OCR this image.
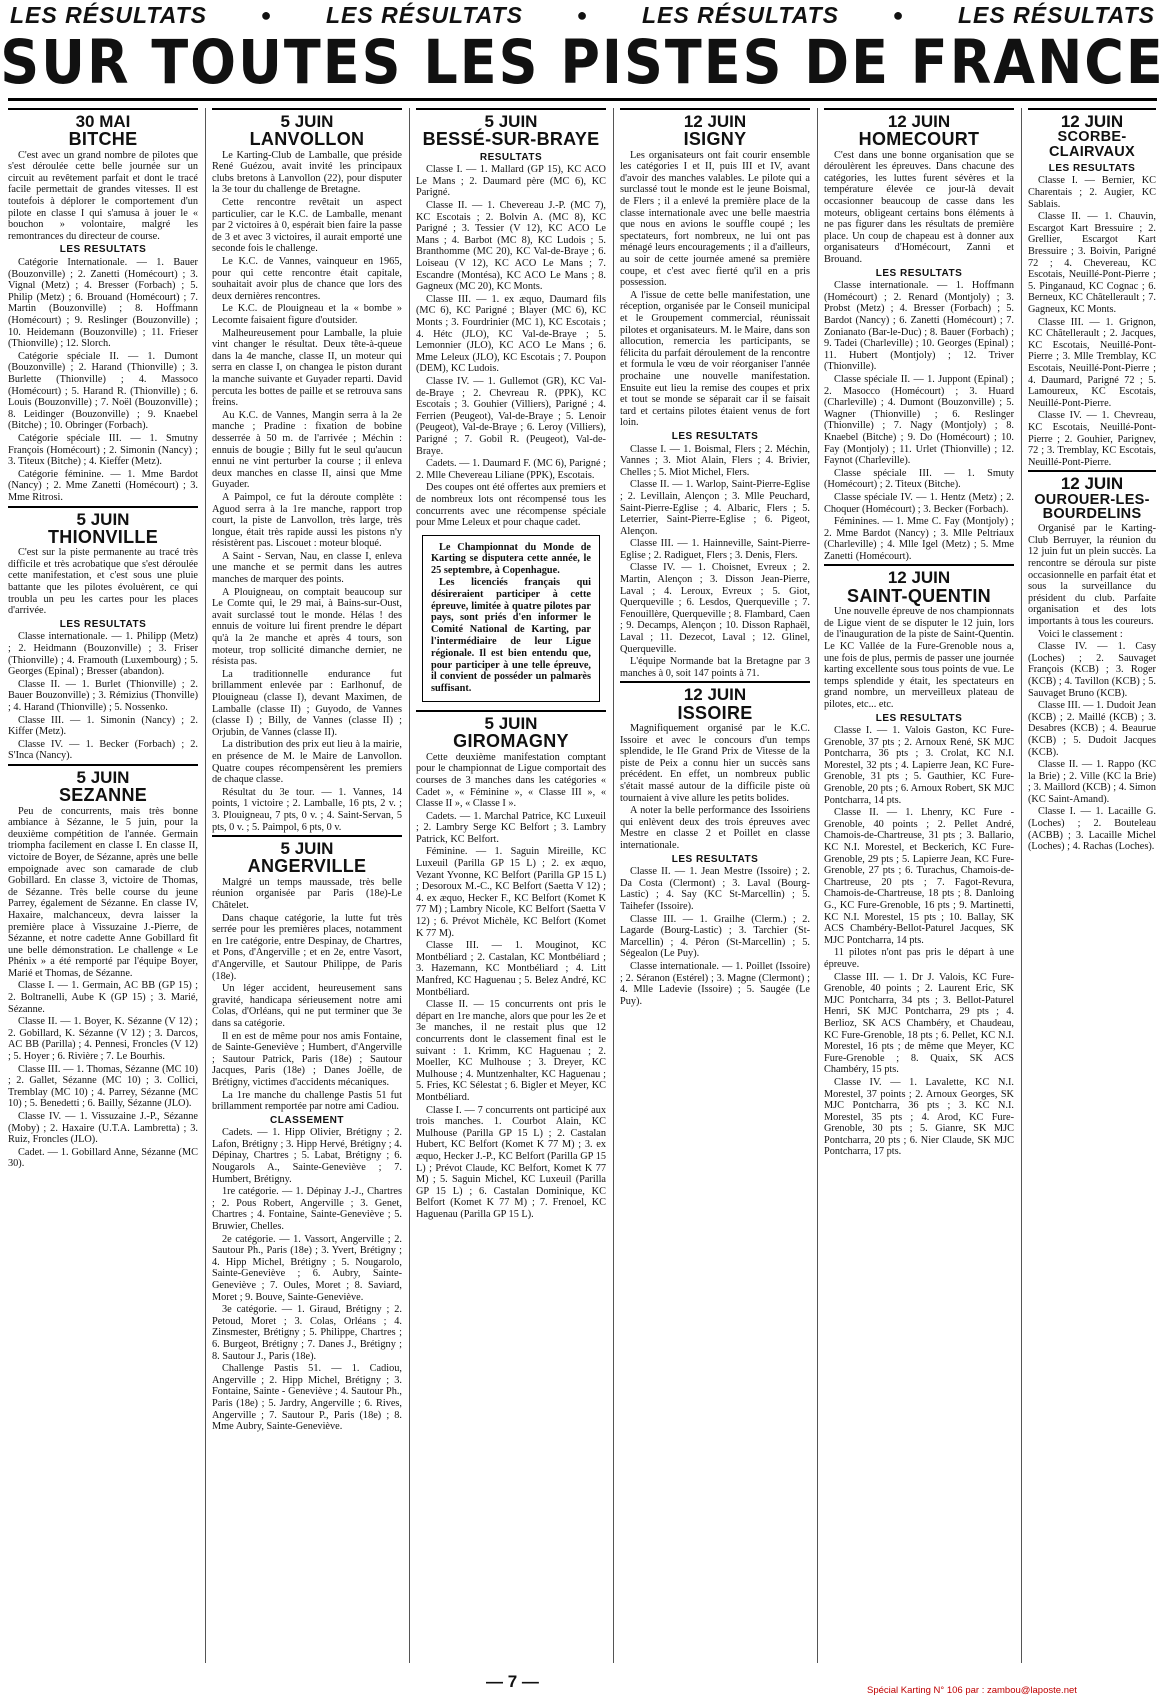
LES RÉSULTATS	● LES RÉSULTATS	● LES RÉSULTATS	● LES RÉSULTATS
SUR TOUTES LES PISTES DE FRANCE
30 MAI
BITCHE

C'est avec un grand nombre de pilotes que s'est déroulée cette belle journée sur un circuit au revêtement parfait et dont le tracé facile permettait de grandes vitesses. Il est toutefois à déplorer le comportement d'un pilote en classe I qui s'amusa à jouer le « bouchon » volontaire, malgré les remontrances du directeur de course.

LES RESULTATS

Catégorie Internationale. — 1. Bauer (Bouzonville) ; 2. Zanetti (Homécourt) ; 3. Vignal (Metz) ; 4. Bresser (Forbach) ; 5. Philip (Metz) ; 6. Brouand (Homécourt) ; 7. Martin (Bouzonville) ; 8. Hoffmann (Homécourt) ; 9. Reslinger (Bouzonville) ; 10. Heidemann (Bouzonville) ; 11. Frieser (Thionville) ; 12. Slorch.

Catégorie spéciale II. — 1. Dumont (Bouzonville) ; 2. Harand (Thionville) ; 3. Burlette (Thionville) ; 4. Massoco (Homécourt) ; 5. Harand R. (Thionville) ; 6. Louis (Bouzonville) ; 7. Noël (Bouzonville) ; 8. Leidinger (Bouzonville) ; 9. Knaebel (Bitche) ; 10. Obringer (Forbach).

Catégorie spéciale III. — 1. Smutny François (Homécourt) ; 2. Simonin (Nancy) ; 3. Titeux (Bitche) ; 4. Kieffer (Metz).

Catégorie féminine. — 1. Mme Bardot (Nancy) ; 2. Mme Zanetti (Homécourt) ; 3. Mme Ritrosi.

5 JUIN
THIONVILLE

C'est sur la piste permanente au tracé très difficile et très acrobatique que s'est déroulée cette manifestation, et c'est sous une pluie battante que les pilotes évoluèrent, ce qui troubla un peu les cartes pour les places d'arrivée.

LES RESULTATS

Classe internationale. — 1. Philipp (Metz) ; 2. Heidmann (Bouzonville) ; 3. Friser (Thionville) ; 4. Framouth (Luxembourg) ; 5. Georges (Epinal) ; Bresser (abandon).

Classe II. — 1. Burlet (Thionville) ; 2. Bauer Bouzonville) ; 3. Rémizius (Thonville) ; 4. Harand (Thionville) ; 5. Nossenko.

Classe III. — 1. Simonin (Nancy) ; 2. Kiffer (Metz).

Classe IV. — 1. Becker (Forbach) ; 2. S'Inca (Nancy).

5 JUIN
SEZANNE

Peu de concurrents, mais très bonne ambiance à Sézanne, le 5 juin, pour la deuxième compétition de l'année. Germain triompha facilement en classe I. En classe II, victoire de Boyer, de Sézanne, après une belle empoignade avec son camarade de club Gobillard. En classe 3, victoire de Thomas, de Sézanne. Très belle course du jeune Parrey, également de Sézanne. En classe IV, Haxaire, malchanceux, devra laisser la première place à Vissuzaine J.-Pierre, de Sézanne, et notre cadette Anne Gobillard fit une belle démonstration. Le challenge « Le Phénix » a été remporté par l'équipe Boyer, Marié et Thomas, de Sézanne.

Classe I. — 1. Germain, AC BB (GP 15) ; 2. Boltranelli, Aube K (GP 15) ; 3. Marié, Sézanne.

Classe II. — 1. Boyer, K. Sézanne (V 12) ; 2. Gobillard, K. Sézanne (V 12) ; 3. Darcos, AC BB (Parilla) ; 4. Pennesi, Froncles (V 12) ; 5. Hoyer ; 6. Rivière ; 7. Le Bourhis.

Classe III. — 1. Thomas, Sézanne (MC 10) ; 2. Gallet, Sézanne (MC 10) ; 3. Collici, Tremblay (MC 10) ; 4. Parrey, Sézanne (MC 10) ; 5. Benedetti ; 6. Bailly, Sézanne (JLO).

Classe IV. — 1. Vissuzaine J.-P., Sézanne (Moby) ; 2. Haxaire (U.T.A. Lambretta) ; 3. Ruiz, Froncles (JLO).

Cadet. — 1. Gobillard Anne, Sézanne (MC 30).

5 JUIN
LANVOLLON

Le Karting-Club de Lamballe, que préside René Guézou, avait invité les principaux clubs bretons à Lanvollon (22), pour disputer la 3e tour du challenge de Bretagne.

Cette rencontre revêtait un aspect particulier, car le K.C. de Lamballe, menant par 2 victoires à 0, espérait bien faire la passe de 3 et avec 3 victoires, il aurait emporté une seconde fois le challenge.

Le K.C. de Vannes, vainqueur en 1965, pour qui cette rencontre était capitale, souhaitait avoir plus de chance que lors des deux dernières rencontres.

Le K.C. de Plouigneau et la « bombe » Lecomte faisaient figure d'outsider.

Malheureusement pour Lamballe, la pluie vint changer le résultat. Deux tête-à-queue dans la 4e manche, classe II, un moteur qui serra en classe I, on changea le piston durant la manche suivante et Guyader reparti. David percuta les bottes de paille et se retrouva sans freins.

Au K.C. de Vannes, Mangin serra à la 2e manche ; Pradine : fixation de bobine desserrée à 50 m. de l'arrivée ; Méchin : ennuis de bougie ; Billy fut le seul qu'aucun ennui ne vint perturber la course ; il enleva deux manches en classe II, ainsi que Mme Guyader.

A Paimpol, ce fut la déroute complète : Aguod serra à la 1re manche, rapport trop court, la piste de Lanvollon, très large, très longue, était très rapide aussi les pistons n'y résistèrent pas. Liscouet : moteur bloqué.

A Saint - Servan, Nau, en classe I, enleva une manche et se permit dans les autres manches de marquer des points.

A Plouigneau, on comptait beaucoup sur Le Comte qui, le 29 mai, à Bains-sur-Oust, avait surclassé tout le monde. Hélas ! des ennuis de voiture lui firent prendre le départ qu'à la 2e manche et après 4 tours, son moteur, trop sollicité dimanche dernier, ne résista pas.

La traditionnelle endurance fut brillamment enlevée par : Earlhonuf, de Plouigneau (classe I), devant Maximen, de Lamballe (classe II) ; Guyodo, de Vannes (classe I) ; Billy, de Vannes (classe II) ; Orjubin, de Vannes (classe II).

La distribution des prix eut lieu à la mairie, en présence de M. le Maire de Lanvollon. Quatre coupes récompensèrent les premiers de chaque classe.

Résultat du 3e tour. — 1. Vannes, 14 points, 1 victoire ; 2. Lamballe, 16 pts, 2 v. ; 3. Plouigneau, 7 pts, 0 v. ; 4. Saint-Servan, 5 pts, 0 v. ; 5. Paimpol, 6 pts, 0 v.

5 JUIN
ANGERVILLE

Malgré un temps maussade, très belle réunion organisée par Paris (18e)-Le Châtelet.

Dans chaque catégorie, la lutte fut très serrée pour les premières places, notamment en 1re catégorie, entre Despinay, de Chartres, et Pons, d'Angerville ; et en 2e, entre Vasort, d'Angerville, et Sautour Philippe, de Paris (18e).

Un léger accident, heureusement sans gravité, handicapa sérieusement notre ami Colas, d'Orléans, qui ne put terminer que 3e dans sa catégorie.

Il en est de même pour nos amis Fontaine, de Sainte-Geneviève ; Humbert, d'Angerville ; Sautour Patrick, Paris (18e) ; Sautour Jacques, Paris (18e) ; Danes Joëlle, de Brétigny, victimes d'accidents mécaniques.

La 1re manche du challenge Pastis 51 fut brillamment remportée par notre ami Cadiou.

CLASSEMENT

Cadets. — 1. Hipp Olivier, Brétigny ; 2. Lafon, Brétigny ; 3. Hipp Hervé, Brétigny ; 4. Dépinay, Chartres ; 5. Labat, Brétigny ; 6. Nougarols A., Sainte-Geneviève ; 7. Humbert, Brétigny.

1re catégorie. — 1. Dépinay J.-J., Chartres ; 2. Pous Robert, Angerville ; 3. Genet, Chartres ; 4. Fontaine, Sainte-Geneviève ; 5. Bruwier, Chelles.

2e catégorie. — 1. Vassort, Angerville ; 2. Sautour Ph., Paris (18e) ; 3. Yvert, Brétigny ; 4. Hipp Michel, Brétigny ; 5. Nougarolo, Sainte-Geneviève ; 6. Aubry, Sainte-Geneviève ; 7. Oules, Moret ; 8. Saviard, Moret ; 9. Bouve, Sainte-Geneviève.

3e catégorie. — 1. Giraud, Brétigny ; 2. Petoud, Moret ; 3. Colas, Orléans ; 4. Zinsmester, Brétigny ; 5. Philippe, Chartres ; 6. Burgeot, Brétigny ; 7. Danes J., Brétigny ; 8. Sautour J., Paris (18e).

Challenge Pastis 51. — 1. Cadiou, Angerville ; 2. Hipp Michel, Brétigny ; 3. Fontaine, Sainte - Geneviève ; 4. Sautour Ph., Paris (18e) ; 5. Jardry, Angerville ; 6. Rives, Angerville ; 7. Sautour P., Paris (18e) ; 8. Mme Aubry, Sainte-Geneviève.

5 JUIN
BESSÉ-SUR-BRAYE
RESULTATS

Classe I. — 1. Mallard (GP 15), KC ACO Le Mans ; 2. Daumard père (MC 6), KC Parigné.

Classe II. — 1. Chevereau J.-P. (MC 7), KC Escotais ; 2. Bolvin A. (MC 8), KC Parigné ; 3. Tessier (V 12), KC ACO Le Mans ; 4. Barbot (MC 8), KC Ludois ; 5. Branthomme (MC 20), KC Val-de-Braye ; 6. Loiseau (V 12), KC ACO Le Mans ; 7. Escandre (Montésa), KC ACO Le Mans ; 8. Gagneux (MC 20), KC Monts.

Classe III. — 1. ex æquo, Daumard fils (MC 6), KC Parigné ; Blayer (MC 6), KC Monts ; 3. Fourdrinier (MC 1), KC Escotais ; 4. Hétc (JLO), KC Val-de-Braye ; 5. Lemonnier (JLO), KC ACO Le Mans ; 6. Mme Leleux (JLO), KC Escotais ; 7. Poupon (DEM), KC Ludois.

Classe IV. — 1. Gullemot (GR), KC Val-de-Braye ; 2. Chevreau R. (PPK), KC Escotais ; 3. Gouhier (Villiers), Parigné ; 4. Ferrien (Peugeot), Val-de-Braye ; 5. Lenoir (Peugeot), Val-de-Braye ; 6. Leroy (Villiers), Parigné ; 7. Gobil R. (Peugeot), Val-de-Braye.

Cadets. — 1. Daumard F. (MC 6), Parigné ; 2. Mlle Chevereau Liliane (PPK), Escotais.

Des coupes ont été offertes aux premiers et de nombreux lots ont récompensé tous les concurrents avec une récompense spéciale pour Mme Leleux et pour chaque cadet.

Le Championnat du Monde de Karting se disputera cette année, le 25 septembre, à Copenhague.

Les licenciés français qui désireraient participer à cette épreuve, limitée à quatre pilotes par pays, sont priés d'en informer le Comité National de Karting, par l'intermédiaire de leur Ligue régionale. Il est bien entendu que, pour participer à une telle épreuve, il convient de posséder un palmarès suffisant.

5 JUIN
GIROMAGNY

Cette deuxième manifestation comptant pour le championnat de Ligue comportait des courses de 3 manches dans les catégories « Cadet », « Féminine », « Classe III », « Classe II », « Classe I ».

Cadets. — 1. Marchal Patrice, KC Luxeuil ; 2. Lambry Serge KC Belfort ; 3. Lambry Patrick, KC Belfort.

Féminine. — 1. Saguin Mireille, KC Luxeuil (Parilla GP 15 L) ; 2. ex æquo, Vezant Yvonne, KC Belfort (Parilla GP 15 L) ; Desoroux M.-C., KC Belfort (Saetta V 12) ; 4. ex æquo, Hecker F., KC Belfort (Komet K 77 M) ; Lambry Nicole, KC Belfort (Saetta V 12) ; 6. Prévot Michèle, KC Belfort (Komet K 77 M).

Classe III. — 1. Mouginot, KC Montbéliard ; 2. Castalan, KC Montbéliard ; 3. Hazemann, KC Montbéliard ; 4. Litt Manfred, KC Haguenau ; 5. Belez André, KC Montbéliard.

Classe II. — 15 concurrents ont pris le départ en 1re manche, alors que pour les 2e et 3e manches, il ne restait plus que 12 concurrents dont le classement final est le suivant : 1. Krimm, KC Haguenau ; 2. Moeller, KC Mulhouse ; 3. Dreyer, KC Mulhouse ; 4. Muntzenhalter, KC Haguenau ; 5. Fries, KC Sélestat ; 6. Bigler et Meyer, KC Montbéliard.

Classe I. — 7 concurrents ont participé aux trois manches. 1. Courbot Alain, KC Mulhouse (Parilla GP 15 L) ; 2. Castalan Hubert, KC Belfort (Komet K 77 M) ; 3. ex æquo, Hecker J.-P., KC Belfort (Parilla GP 15 L) ; Prévot Claude, KC Belfort, Komet K 77 M) ; 5. Saguin Michel, KC Luxeuil (Parilla GP 15 L) ; 6. Castalan Dominique, KC Belfort (Komet K 77 M) ; 7. Frenoel, KC Haguenau (Parilla GP 15 L).

12 JUIN
ISIGNY

Les organisateurs ont fait courir ensemble les catégories I et II, puis III et IV, avant d'avoir des manches valables. Le pilote qui a surclassé tout le monde est le jeune Boismal, de Flers ; il a enlevé la première place de la classe internationale avec une belle maestria que nous en avions le souffle coupé ; les spectateurs, fort nombreux, ne lui ont pas ménagé leurs encouragements ; il a d'ailleurs, au soir de cette journée amené sa première coupe, et c'est avec fierté qu'il en a pris possession.

A l'issue de cette belle manifestation, une réception, organisée par le Conseil municipal et le Groupement commercial, réunissait pilotes et organisateurs. M. le Maire, dans son allocution, remercia les participants, se félicita du parfait déroulement de la rencontre et formula le vœu de voir réorganiser l'année prochaine une nouvelle manifestation. Ensuite eut lieu la remise des coupes et prix et tout se monde se séparait car il se faisait tard et certains pilotes étaient venus de fort loin.

LES RESULTATS

Classe I. — 1. Boismal, Flers ; 2. Méchin, Vannes ; 3. Miot Alain, Flers ; 4. Brivier, Chelles ; 5. Miot Michel, Flers.

Classe II. — 1. Warlop, Saint-Pierre-Eglise ; 2. Levillain, Alençon ; 3. Mlle Peuchard, Saint-Pierre-Eglise ; 4. Albaric, Flers ; 5. Leterrier, Saint-Pierre-Eglise ; 6. Pigeot, Alençon.

Classe III. — 1. Hainneville, Saint-Pierre-Eglise ; 2. Radiguet, Flers ; 3. Denis, Flers.

Classe IV. — 1. Choisnet, Evreux ; 2. Martin, Alençon ; 3. Disson Jean-Pierre, Laval ; 4. Leroux, Evreux ; 5. Giot, Querqueville ; 6. Lesdos, Querqueville ; 7. Fenouillère, Querqueville ; 8. Flambard, Caen ; 9. Decamps, Alençon ; 10. Disson Raphaël, Laval ; 11. Dezecot, Laval ; 12. Glinel, Querqueville.

L'équipe Normande bat la Bretagne par 3 manches à 0, soit 147 points à 71.

12 JUIN
ISSOIRE

Magnifiquement organisé par le K.C. Issoire et avec le concours d'un temps splendide, le IIe Grand Prix de Vitesse de la piste de Peix a connu hier un succès sans précédent. En effet, un nombreux public s'était massé autour de la difficile piste où tournaient à vive allure les petits bolides.

A noter la belle performance des Issoiriens qui enlèvent deux des trois épreuves avec Mestre en classe 2 et Poillet en classe internationale.

LES RESULTATS

Classe II. — 1. Jean Mestre (Issoire) ; 2. Da Costa (Clermont) ; 3. Laval (Bourg-Lastic) ; 4. Say (KC St-Marcellin) ; 5. Taihefer (Issoire).

Classe III. — 1. Grailhe (Clerm.) ; 2. Lagarde (Bourg-Lastic) ; 3. Tarchier (St-Marcellin) ; 4. Péron (St-Marcellin) ; 5. Ségealon (Le Puy).

Classe internationale. — 1. Poillet (Issoire) ; 2. Séranon (Estérel) ; 3. Magne (Clermont) ; 4. Mlle Ladevie (Issoire) ; 5. Saugée (Le Puy).

12 JUIN
HOMECOURT

C'est dans une bonne organisation que se déroulèrent les épreuves. Dans chacune des catégories, les luttes furent sévères et la température élevée ce jour-là devait occasionner beaucoup de casse dans les moteurs, obligeant certains bons éléments à ne pas figurer dans les résultats de première place. Un coup de chapeau est à donner aux organisateurs d'Homécourt, Zanni et Brouand.

LES RESULTATS

Classe internationale. — 1. Hoffmann (Homécourt) ; 2. Renard (Montjoly) ; 3. Probst (Metz) ; 4. Bresser (Forbach) ; 5. Bardot (Nancy) ; 6. Zanetti (Homécourt) ; 7. Zonianato (Bar-le-Duc) ; 8. Bauer (Forbach) ; 9. Tadei (Charleville) ; 10. Georges (Epinal) ; 11. Hubert (Montjoly) ; 12. Triver (Thionville).

Classe spéciale II. — 1. Juppont (Epinal) ; 2. Masocco (Homécourt) ; 3. Huard (Charleville) ; 4. Dumont (Bouzonville) ; 5. Wagner (Thionville) ; 6. Reslinger (Thionville) ; 7. Nagy (Montjoly) ; 8. Knaebel (Bitche) ; 9. Do (Homécourt) ; 10. Fay (Montjoly) ; 11. Urlet (Thionville) ; 12. Faynot (Charleville).

Classe spéciale III. — 1. Smuty (Homécourt) ; 2. Titeux (Bitche).

Classe spéciale IV. — 1. Hentz (Metz) ; 2. Choquer (Homécourt) ; 3. Becker (Forbach).

Féminines. — 1. Mme C. Fay (Montjoly) ; 2. Mme Bardot (Nancy) ; 3. Mlle Peltriaux (Charleville) ; 4. Mlle Igel (Metz) ; 5. Mme Zanetti (Homécourt).

12 JUIN
SAINT-QUENTIN

Une nouvelle épreuve de nos championnats de Ligue vient de se disputer le 12 juin, lors de l'inauguration de la piste de Saint-Quentin. Le KC Vallée de la Fure-Grenoble nous a, une fois de plus, permis de passer une journée karting excellente sous tous points de vue. Le temps splendide y était, les spectateurs en grand nombre, un merveilleux plateau de pilotes, etc... etc.

LES RESULTATS

Classe I. — 1. Valois Gaston, KC Fure-Grenoble, 37 pts ; 2. Arnoux René, SK MJC Pontcharra, 36 pts ; 3. Crolat, KC N.I. Morestel, 32 pts ; 4. Lapierre Jean, KC Fure-Grenoble, 31 pts ; 5. Gauthier, KC Fure-Grenoble, 20 pts ; 6. Arnoux Robert, SK MJC Pontcharra, 14 pts.

Classe II. — 1. Lhenry, KC Fure - Grenoble, 40 points ; 2. Pellet André, Chamois-de-Chartreuse, 31 pts ; 3. Ballario, KC N.I. Morestel, et Beckerich, KC Fure-Grenoble, 29 pts ; 5. Lapierre Jean, KC Fure-Grenoble, 27 pts ; 6. Turachus, Chamois-de-Chartreuse, 20 pts ; 7. Fagot-Revura, Chamois-de-Chartreuse, 18 pts ; 8. Danloing G., KC Fure-Grenoble, 16 pts ; 9. Martinetti, KC N.I. Morestel, 15 pts ; 10. Ballay, SK ACS Chambéry-Bellot-Paturel Jacques, SK MJC Pontcharra, 14 pts.

11 pilotes n'ont pas pris le départ à une épreuve.

Classe III. — 1. Dr J. Valois, KC Fure-Grenoble, 40 points ; 2. Laurent Eric, SK MJC Pontcharra, 34 pts ; 3. Bellot-Paturel Henri, SK MJC Pontcharra, 29 pts ; 4. Berlioz, SK ACS Chambéry, et Chaudeau, KC Fure-Grenoble, 18 pts ; 6. Pellet, KC N.I. Morestel, 16 pts ; de même que Meyer, KC Fure-Grenoble ; 8. Quaix, SK ACS Chambéry, 15 pts.

Classe IV. — 1. Lavalette, KC N.I. Morestel, 37 points ; 2. Arnoux Georges, SK MJC Pontcharra, 36 pts ; 3. KC N.I. Morestel, 35 pts ; 4. Arod, KC Fure-Grenoble, 30 pts ; 5. Gianre, SK MJC Pontcharra, 20 pts ; 6. Nier Claude, SK MJC Pontcharra, 17 pts.

12 JUIN
SCORBE-CLAIRVAUX
LES RESULTATS

Classe I. — Bernier, KC Charentais ; 2. Augier, KC Sablais.

Classe II. — 1. Chauvin, Escargot Kart Bressuire ; 2. Grellier, Escargot Kart Bressuire ; 3. Boivin, Parigné 72 ; 4. Chevereau, KC Escotais, Neuillé-Pont-Pierre ; 5. Pinganaud, KC Cognac ; 6. Berneux, KC Châtellerault ; 7. Gagneux, KC Monts.

Classe III. — 1. Grignon, KC Châtellerault ; 2. Jacques, KC Escotais, Neuillé-Pont-Pierre ; 3. Mlle Tremblay, KC Escotais, Neuillé-Pont-Pierre ; 4. Daumard, Parigné 72 ; 5. Lamoureux, KC Escotais, Neuillé-Pont-Pierre.

Classe IV. — 1. Chevreau, KC Escotais, Neuillé-Pont-Pierre ; 2. Gouhier, Parignev, 72 ; 3. Tremblay, KC Escotais, Neuillé-Pont-Pierre.

12 JUIN
OUROUER-LES-BOURDELINS

Organisé par le Karting-Club Berruyer, la réunion du 12 juin fut un plein succès. La rencontre se déroula sur piste occasionnelle en parfait état et sous la surveillance du président du club. Parfaite organisation et des lots importants à tous les coureurs.

Voici le classement :

Classe IV. — 1. Casy (Loches) ; 2. Sauvaget François (KCB) ; 3. Roger (KCB) ; 4. Tavillon (KCB) ; 5. Sauvaget Bruno (KCB).

Classe III. — 1. Dudoit Jean (KCB) ; 2. Maillé (KCB) ; 3. Desabres (KCB) ; 4. Beaurue (KCB) ; 5. Dudoit Jacques (KCB).

Classe II. — 1. Rappo (KC la Brie) ; 2. Ville (KC la Brie) ; 3. Maillord (KCB) ; 4. Simon (KC Saint-Amand).

Classe I. — 1. Lacaille G. (Loches) ; 2. Bouteleau (ACBB) ; 3. Lacaille Michel (Loches) ; 4. Rachas (Loches).

— 7 —	Spécial Karting N° 106 par : zambou@laposte.net
